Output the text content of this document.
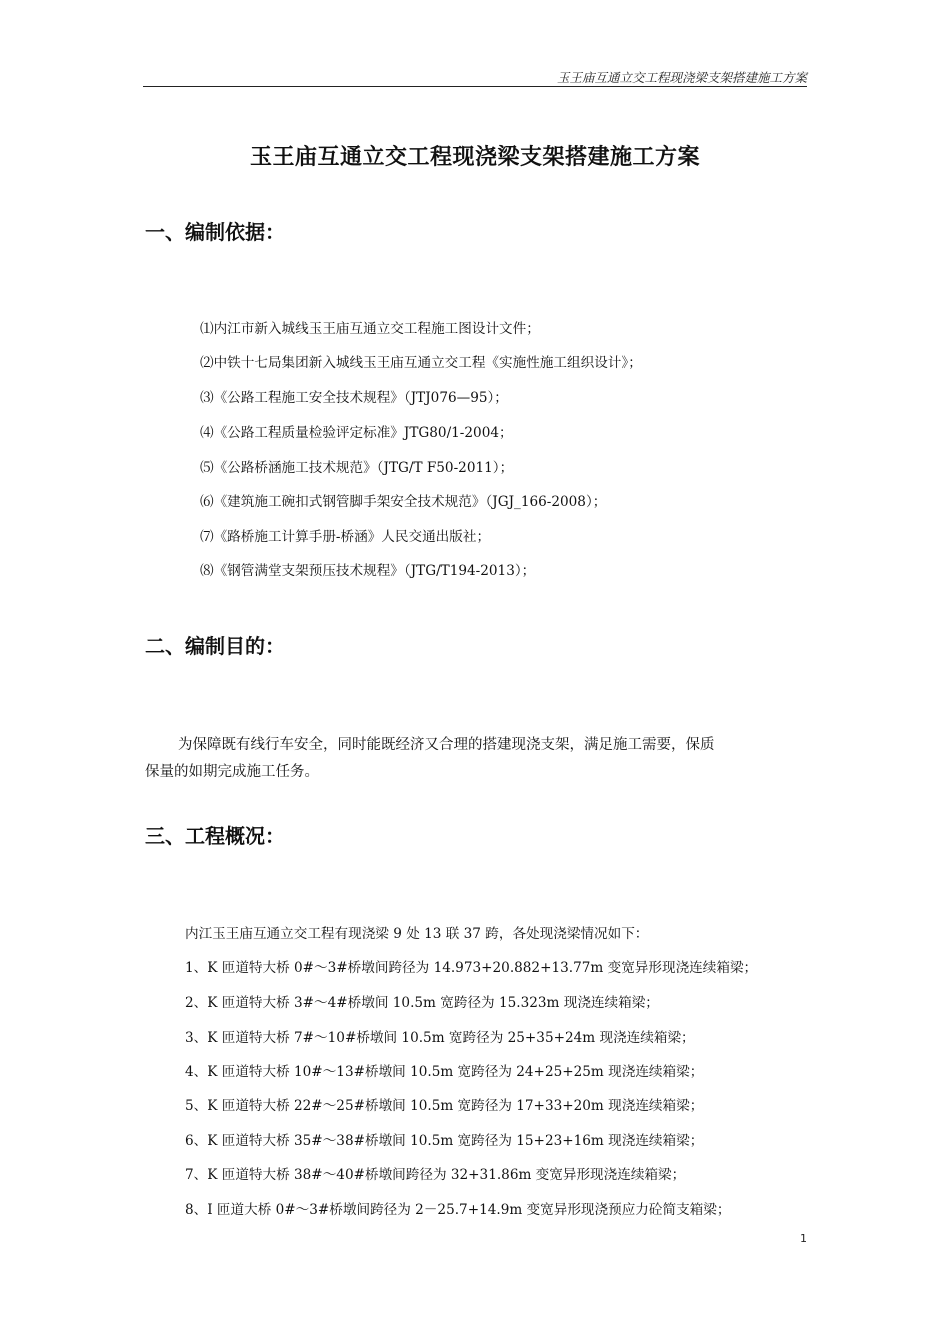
玉王庙互通立交工程现浇梁支架搭建施工方案
玉王庙互通立交工程现浇梁支架搭建施工方案
一、编制依据：
⑴内江市新入城线玉王庙互通立交工程施工图设计文件；
⑵中铁十七局集团新入城线玉王庙互通立交工程《实施性施工组织设计》；
⑶《公路工程施工安全技术规程》（JTJ076—95）；
⑷《公路工程质量检验评定标准》JTG80/1-2004；
⑸《公路桥涵施工技术规范》（JTG/T F50-2011）；
⑹《建筑施工碗扣式钢管脚手架安全技术规范》（JGJ_166-2008）；
⑺《路桥施工计算手册-桥涵》人民交通出版社；
⑻《钢管满堂支架预压技术规程》（JTG/T194-2013）；
二、编制目的：
为保障既有线行车安全，同时能既经济又合理的搭建现浇支架，满足施工需要，保质
保量的如期完成施工任务。
三、工程概况：
内江玉王庙互通立交工程有现浇梁 9 处 13 联 37 跨，各处现浇梁情况如下：
1、K 匝道特大桥 0#～3#桥墩间跨径为 14.973+20.882+13.77m 变宽异形现浇连续箱梁；
2、K 匝道特大桥 3#～4#桥墩间 10.5m 宽跨径为 15.323m 现浇连续箱梁；
3、K 匝道特大桥 7#～10#桥墩间 10.5m 宽跨径为 25+35+24m 现浇连续箱梁；
4、K 匝道特大桥 10#～13#桥墩间 10.5m 宽跨径为 24+25+25m 现浇连续箱梁；
5、K 匝道特大桥 22#～25#桥墩间 10.5m 宽跨径为 17+33+20m 现浇连续箱梁；
6、K 匝道特大桥 35#～38#桥墩间 10.5m 宽跨径为 15+23+16m 现浇连续箱梁；
7、K 匝道特大桥 38#～40#桥墩间跨径为 32+31.86m 变宽异形现浇连续箱梁；
8、I 匝道大桥 0#～3#桥墩间跨径为 2－25.7+14.9m 变宽异形现浇预应力砼简支箱梁；
1
